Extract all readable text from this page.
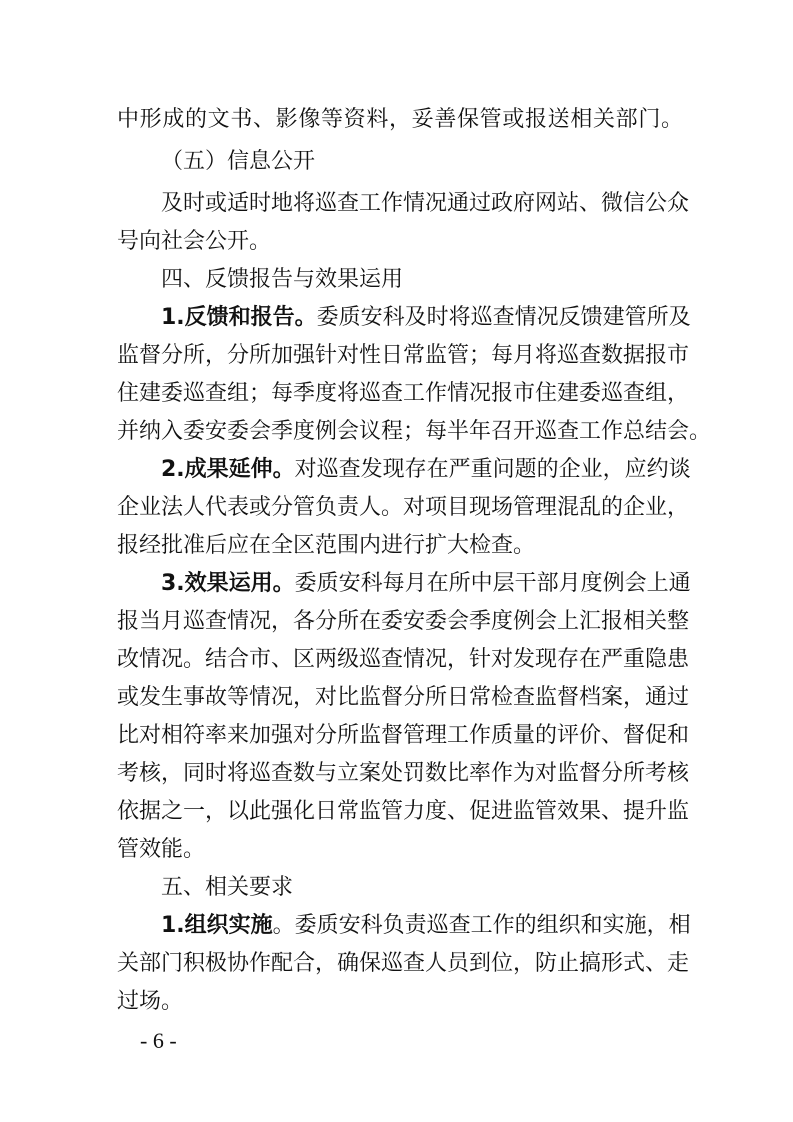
中形成的文书、影像等资料，妥善保管或报送相关部门。
（五）信息公开
及时或适时地将巡查工作情况通过政府网站、微信公众
号向社会公开。
四、反馈报告与效果运用
1.反馈和报告。委质安科及时将巡查情况反馈建管所及
监督分所，分所加强针对性日常监管；每月将巡查数据报市
住建委巡查组；每季度将巡查工作情况报市住建委巡查组，
并纳入委安委会季度例会议程；每半年召开巡查工作总结会。
2.成果延伸。对巡查发现存在严重问题的企业，应约谈
企业法人代表或分管负责人。对项目现场管理混乱的企业，
报经批准后应在全区范围内进行扩大检查。
3.效果运用。委质安科每月在所中层干部月度例会上通
报当月巡查情况，各分所在委安委会季度例会上汇报相关整
改情况。结合市、区两级巡查情况，针对发现存在严重隐患
或发生事故等情况，对比监督分所日常检查监督档案，通过
比对相符率来加强对分所监督管理工作质量的评价、督促和
考核，同时将巡查数与立案处罚数比率作为对监督分所考核
依据之一，以此强化日常监管力度、促进监管效果、提升监
管效能。
五、相关要求
1.组织实施。委质安科负责巡查工作的组织和实施，相
关部门积极协作配合，确保巡查人员到位，防止搞形式、走
过场。
- 6 -
